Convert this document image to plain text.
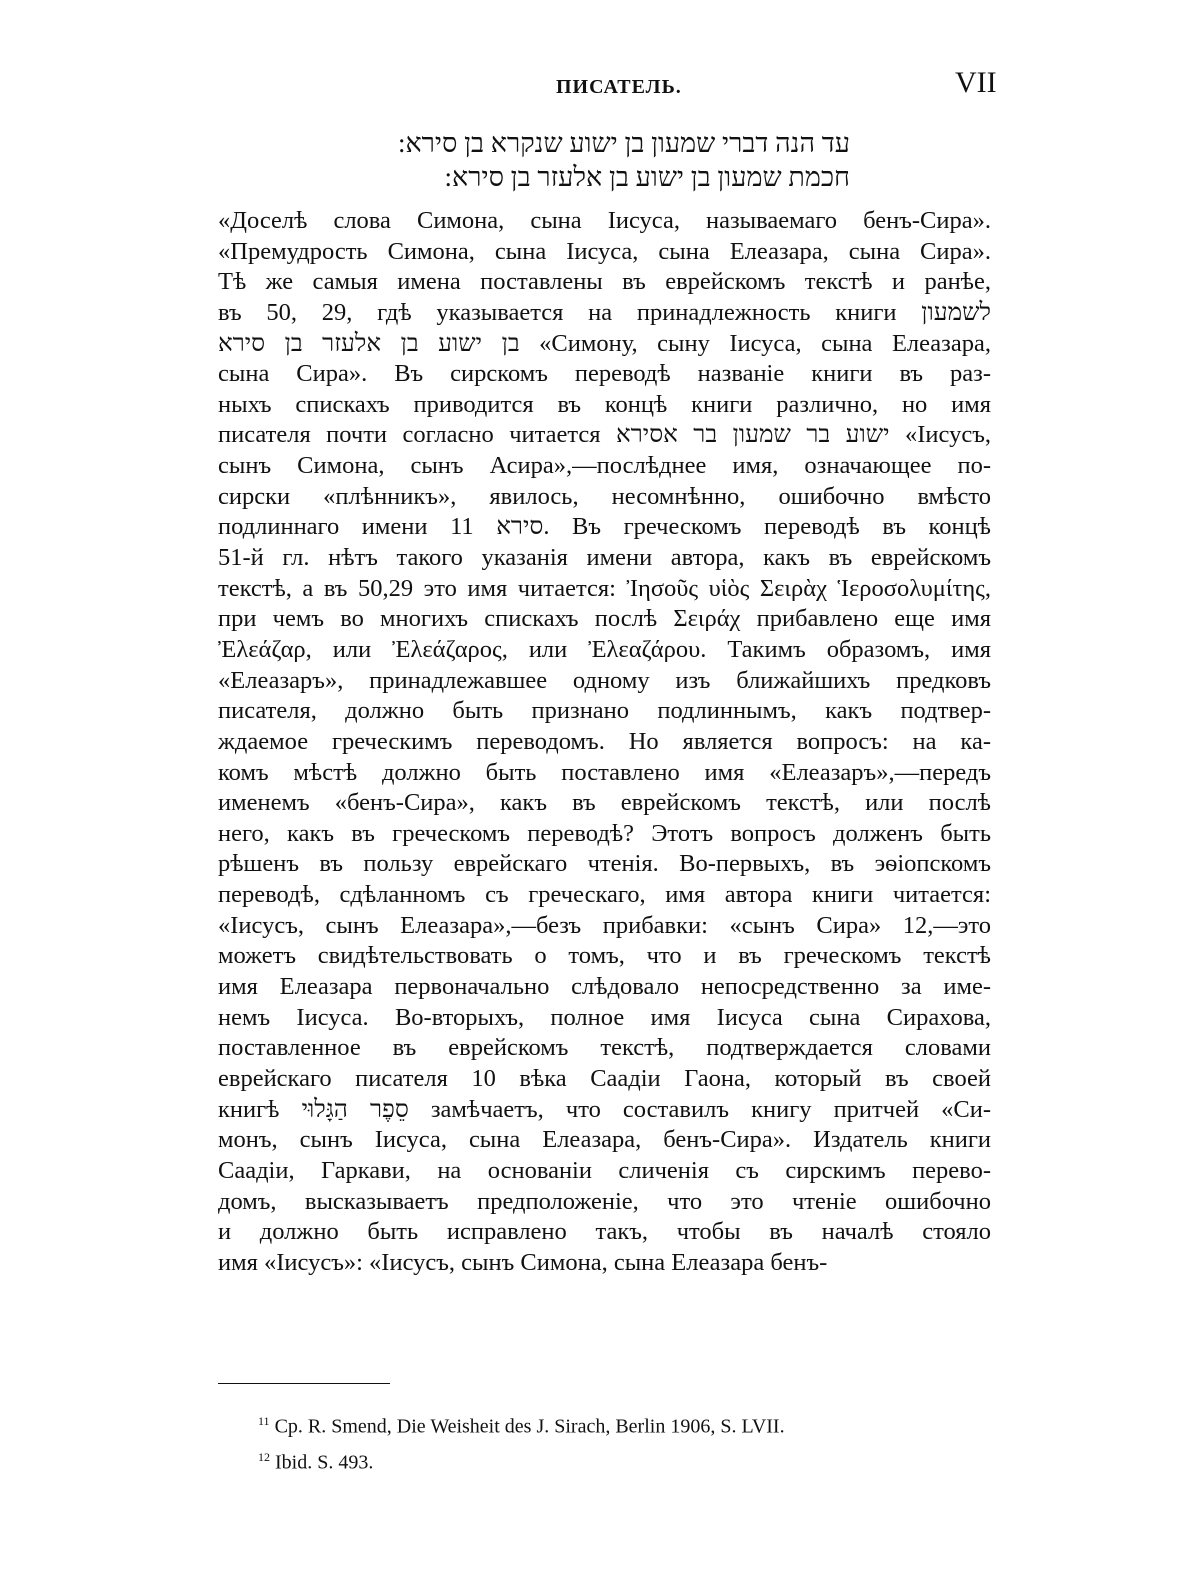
ПИСАТЕЛЬ.	VII
עד הנה דברי שמעון בן ישוע שנקרא בן סירא:
חכמת שמעון בן ישוע בן אלעזר בן סירא:
«Доселѣ слова Симона, сына Іисуса, называемаго бенъ-Сира».
«Премудрость Симона, сына Іисуса, сына Елеазара, сына Сира».
Тѣ же самыя имена поставлены въ еврейскомъ текстѣ и ранѣе,
въ 50, 29, гдѣ указывается на принадлежность книги לשמעון
בן ישוע בן אלעזר בן סירא «Симону, сыну Іисуса, сына Елеазара,
сына Сира». Въ сирскомъ переводѣ названіе книги въ раз-
ныхъ спискахъ приводится въ концѣ книги различно, но имя
писателя почти согласно читается ישוע בר שמעון בר אסירא «Іисусъ,
сынъ Симона, сынъ Асира»,—послѣднее имя, означающее по-
сирски «плѣнникъ», явилось, несомнѣнно, ошибочно вмѣсто
подлиннаго имени סירא 11. Въ греческомъ переводѣ въ концѣ
51-й гл. нѣтъ такого указанія имени автора, какъ въ еврейскомъ
текстѣ, а въ 50,29 это имя читается: Ἰησοῦς υἱὸς Σειρὰχ Ἱεροσολυμίτης,
при чемъ во многихъ спискахъ послѣ Σειράχ прибавлено еще имя
Ἐλεάζαρ, или Ἐλεάζαρος, или Ἐλεαζάρου. Такимъ образомъ, имя
«Елеазаръ», принадлежавшее одному изъ ближайшихъ предковъ
писателя, должно быть признано подлиннымъ, какъ подтвер-
ждаемое греческимъ переводомъ. Но является вопросъ: на ка-
комъ мѣстѣ должно быть поставлено имя «Елеазаръ»,—передъ
именемъ «бенъ-Сира», какъ въ еврейскомъ текстѣ, или послѣ
него, какъ въ греческомъ переводѣ? Этотъ вопросъ долженъ быть
рѣшенъ въ пользу еврейскаго чтенія. Во-первыхъ, въ эѳіопскомъ
переводѣ, сдѣланномъ съ греческаго, имя автора книги читается:
«Іисусъ, сынъ Елеазара»,—безъ прибавки: «сынъ Сира» 12,—это
можетъ свидѣтельствовать о томъ, что и въ греческомъ текстѣ
имя Елеазара первоначально слѣдовало непосредственно за име-
немъ Іисуса. Во-вторыхъ, полное имя Іисуса сына Сирахова,
поставленное въ еврейскомъ текстѣ, подтверждается словами
еврейскаго писателя 10 вѣка Саадіи Гаона, который въ своей
книгѣ סֵפֶר הַגָּלוּי замѣчаетъ, что составилъ книгу притчей «Си-
монъ, сынъ Іисуса, сына Елеазара, бенъ-Сира». Издатель книги
Саадіи, Гаркави, на основаніи сличенія съ сирскимъ перево-
домъ, высказываетъ предположеніе, что это чтеніе ошибочно
и должно быть исправлено такъ, чтобы въ началѣ стояло
имя «Іисусъ»: «Іисусъ, сынъ Симона, сына Елеазара бенъ-
$^{11}$ Ср. R. Smend, Die Weisheit des J. Sirach, Berlin 1906, S. LVII.
$^{12}$ Ibid. S. 493.
